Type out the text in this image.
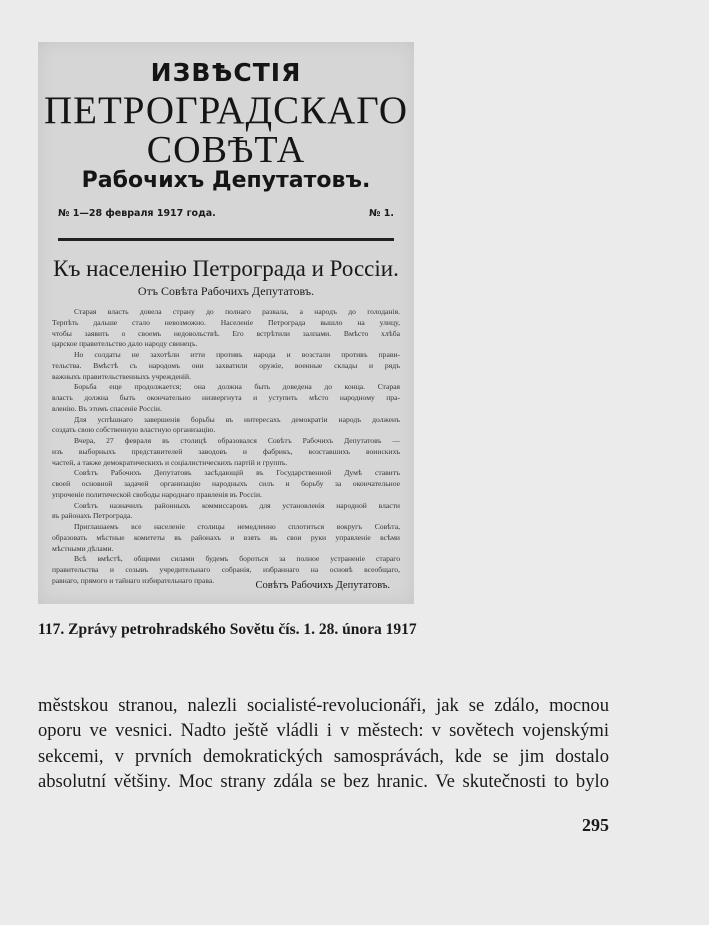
ИЗВѢСТІЯ
ПЕТРОГРАДСКАГО
СОВѢТА
Рабочихъ Депутатовъ.
№ 1—28 февраля 1917 года.	№ 1.
Къ населенію Петрограда и Россіи.
Отъ Совѣта Рабочихъ Депутатовъ.
Старая власть довела страну до полнаго развала, а народъ до голоданія.
Терпѣть дальше стало невозможно. Населеніе Петрограда вышло на улицу,
чтобы заявить о своемъ недовольствѣ. Его встрѣтили залпами. Вмѣсто хлѣба
царское правительство дало народу свинецъ.
Но солдаты не захотѣли итти противъ народа и возстали противъ прави-
тельства. Вмѣстѣ съ народомъ они захватили оружіе, военные склады и рядъ
важныхъ правительственныхъ учрежденій.
Борьба еще продолжается; она должна быть доведена до конца. Старая
власть должна быть окончательно низвергнута и уступить мѣсто народному пра-
вленію. Въ этомъ спасеніе Россіи.
Для успѣшнаго завершенія борьбы въ интересахъ демократіи народъ долженъ
создать свою собственную властную организацію.
Вчера, 27 февраля въ столицѣ образовался Совѣтъ Рабочихъ Депутатовъ —
изъ выборныхъ представителей заводовъ и фабрикъ, возставшихъ воинскихъ
частей, а также демократическихъ и соціалистическихъ партій и группъ.
Совѣтъ Рабочихъ Депутатовъ засѣдающій въ Государственной Думѣ ставитъ
своей основной задачей организацію народныхъ силъ и борьбу за окончательное
упроченіе политической свободы народнаго правленія въ Россіи.
Совѣтъ назначилъ районныхъ коммиссаровъ для установленія народной власти
въ районахъ Петрограда.
Приглашаемъ все населеніе столицы немедленно сплотиться вокругъ Совѣта,
образовать мѣстные комитеты въ районахъ и взять въ свои руки управленіе всѣми
мѣстными дѣлами.
Всѣ вмѣстѣ, общими силами будемъ бороться за полное устраненіе стараго
правительства и созывъ учредительнаго собранія, избраннаго на основѣ всеобщаго,
равнаго, прямого и тайнаго избирательнаго права.	Совѣтъ Рабочихъ Депутатовъ.
117. Zprávy petrohradského Sovětu čís. 1. 28. února 1917
městskou stranou, nalezli socialisté-revolucionáři, jak se zdálo, mocnou
oporu ve vesnici. Nadto ještě vládli i v městech: v sovětech vojenskými
sekcemi, v prvních demokratických samosprávách, kde se jim dostalo
absolutní většiny. Moc strany zdála se bez hranic. Ve skutečnosti to bylo
295
